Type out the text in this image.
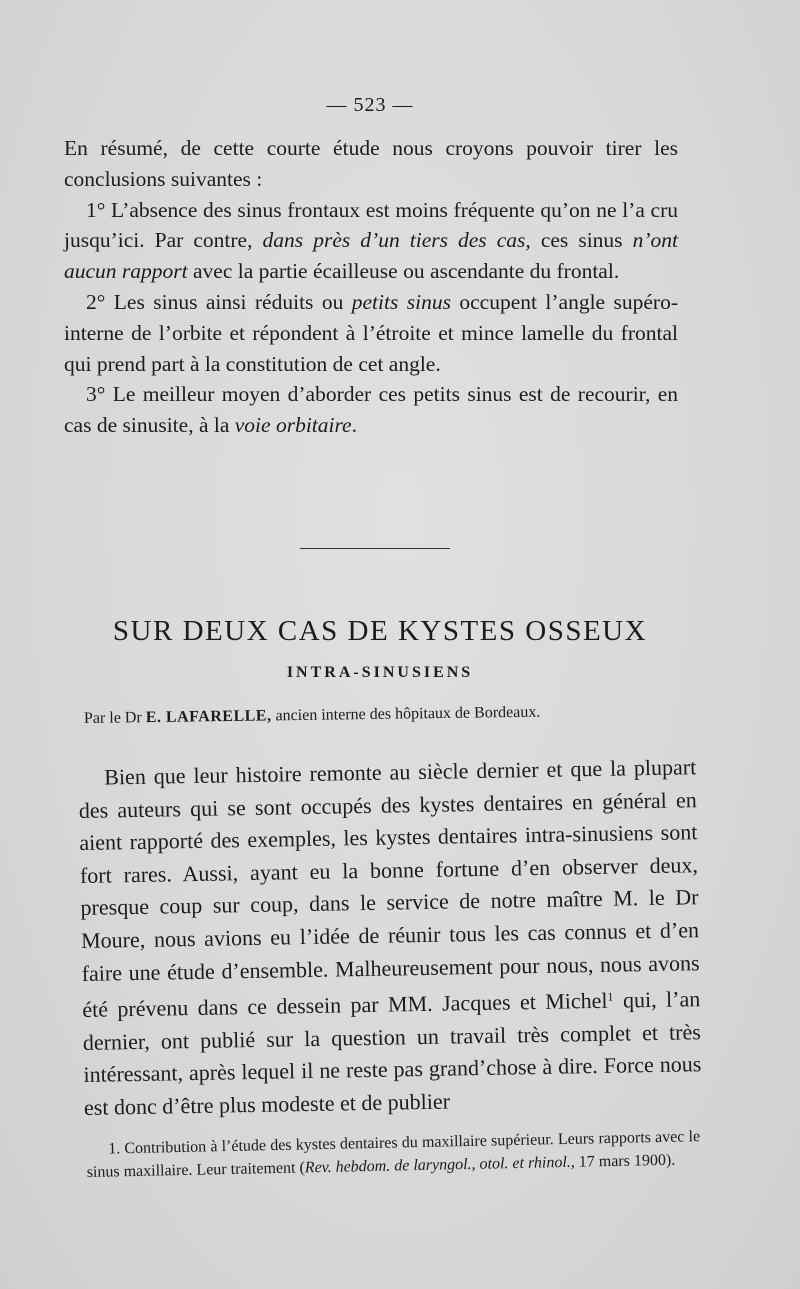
— 523 —

En résumé, de cette courte étude nous croyons pouvoir tirer les conclusions suivantes :

1° L’absence des sinus frontaux est moins fréquente qu’on ne l’a cru jusqu’ici. Par contre, dans près d’un tiers des cas, ces sinus n’ont aucun rapport avec la partie écailleuse ou ascendante du frontal.

2° Les sinus ainsi réduits ou petits sinus occupent l’angle supéro-interne de l’orbite et répondent à l’étroite et mince lamelle du frontal qui prend part à la constitution de cet angle.

3° Le meilleur moyen d’aborder ces petits sinus est de recourir, en cas de sinusite, à la voie orbitaire.

SUR DEUX CAS DE KYSTES OSSEUX
INTRA-SINUSIENS
Par le Dr E. LAFARELLE, ancien interne des hôpitaux de Bordeaux.

Bien que leur histoire remonte au siècle dernier et que la plupart des auteurs qui se sont occupés des kystes dentaires en général en aient rapporté des exemples, les kystes dentaires intra-sinusiens sont fort rares. Aussi, ayant eu la bonne fortune d’en observer deux, presque coup sur coup, dans le service de notre maître M. le Dr Moure, nous avions eu l’idée de réunir tous les cas connus et d’en faire une étude d’ensemble. Malheureusement pour nous, nous avons été prévenu dans ce dessein par MM. Jacques et Michel$^1$ qui, l’an dernier, ont publié sur la question un travail très complet et très intéressant, après lequel il ne reste pas grand’chose à dire. Force nous est donc d’être plus modeste et de publier

1. Contribution à l’étude des kystes dentaires du maxillaire supérieur. Leurs rapports avec le sinus maxillaire. Leur traitement (Rev. hebdom. de laryngol., otol. et rhinol., 17 mars 1900).
